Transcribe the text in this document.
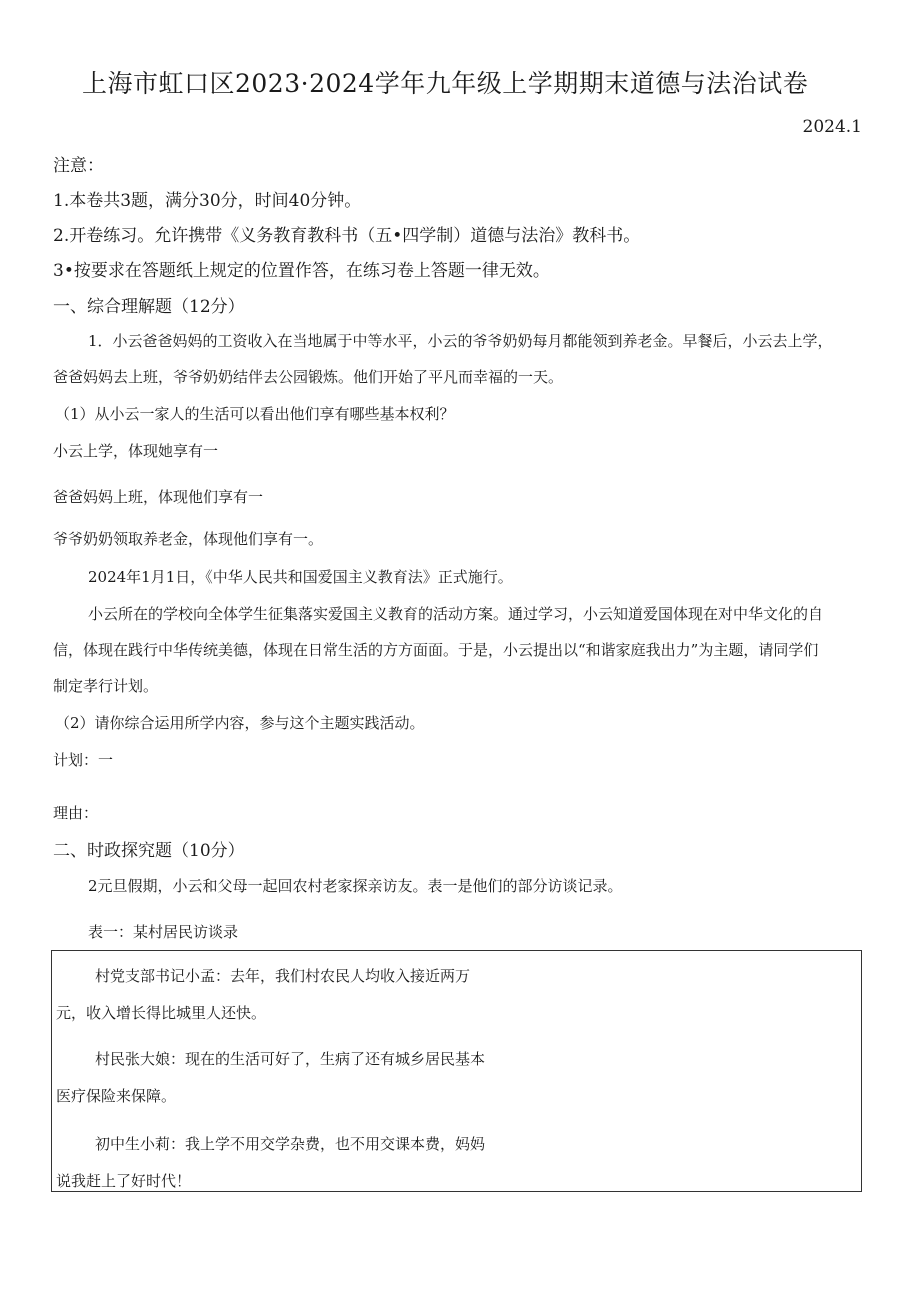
上海市虹口区2023·2024学年九年级上学期期末道德与法治试卷
2024.1
注意：
1.本卷共3题，满分30分，时间40分钟。
2.开卷练习。允许携带《义务教育教科书（五•四学制）道德与法治》教科书。
3•按要求在答题纸上规定的位置作答，在练习卷上答题一律无效。
一、综合理解题（12分）
1．小云爸爸妈妈的工资收入在当地属于中等水平，小云的爷爷奶奶每月都能领到养老金。早餐后，小云去上学，
爸爸妈妈去上班，爷爷奶奶结伴去公园锻炼。他们开始了平凡而幸福的一天。
（1）从小云一家人的生活可以看出他们享有哪些基本权利？
小云上学，体现她享有一
爸爸妈妈上班，体现他们享有一
爷爷奶奶领取养老金，体现他们享有一。
2024年1月1日，《中华人民共和国爱国主义教育法》正式施行。
小云所在的学校向全体学生征集落实爱国主义教育的活动方案。通过学习，小云知道爱国体现在对中华文化的自
信，体现在践行中华传统美德，体现在日常生活的方方面面。于是，小云提出以“和谐家庭我出力”为主题，请同学们
制定孝行计划。
（2）请你综合运用所学内容，参与这个主题实践活动。
计划：一
理由：
二、时政探究题（10分）
2元旦假期，小云和父母一起回农村老家探亲访友。表一是他们的部分访谈记录。
表一：某村居民访谈录
村党支部书记小孟：去年，我们村农民人均收入接近两万
元，收入增长得比城里人还快。
村民张大娘：现在的生活可好了，生病了还有城乡居民基本
医疗保险来保障。
初中生小莉：我上学不用交学杂费，也不用交课本费，妈妈
说我赶上了好时代！
